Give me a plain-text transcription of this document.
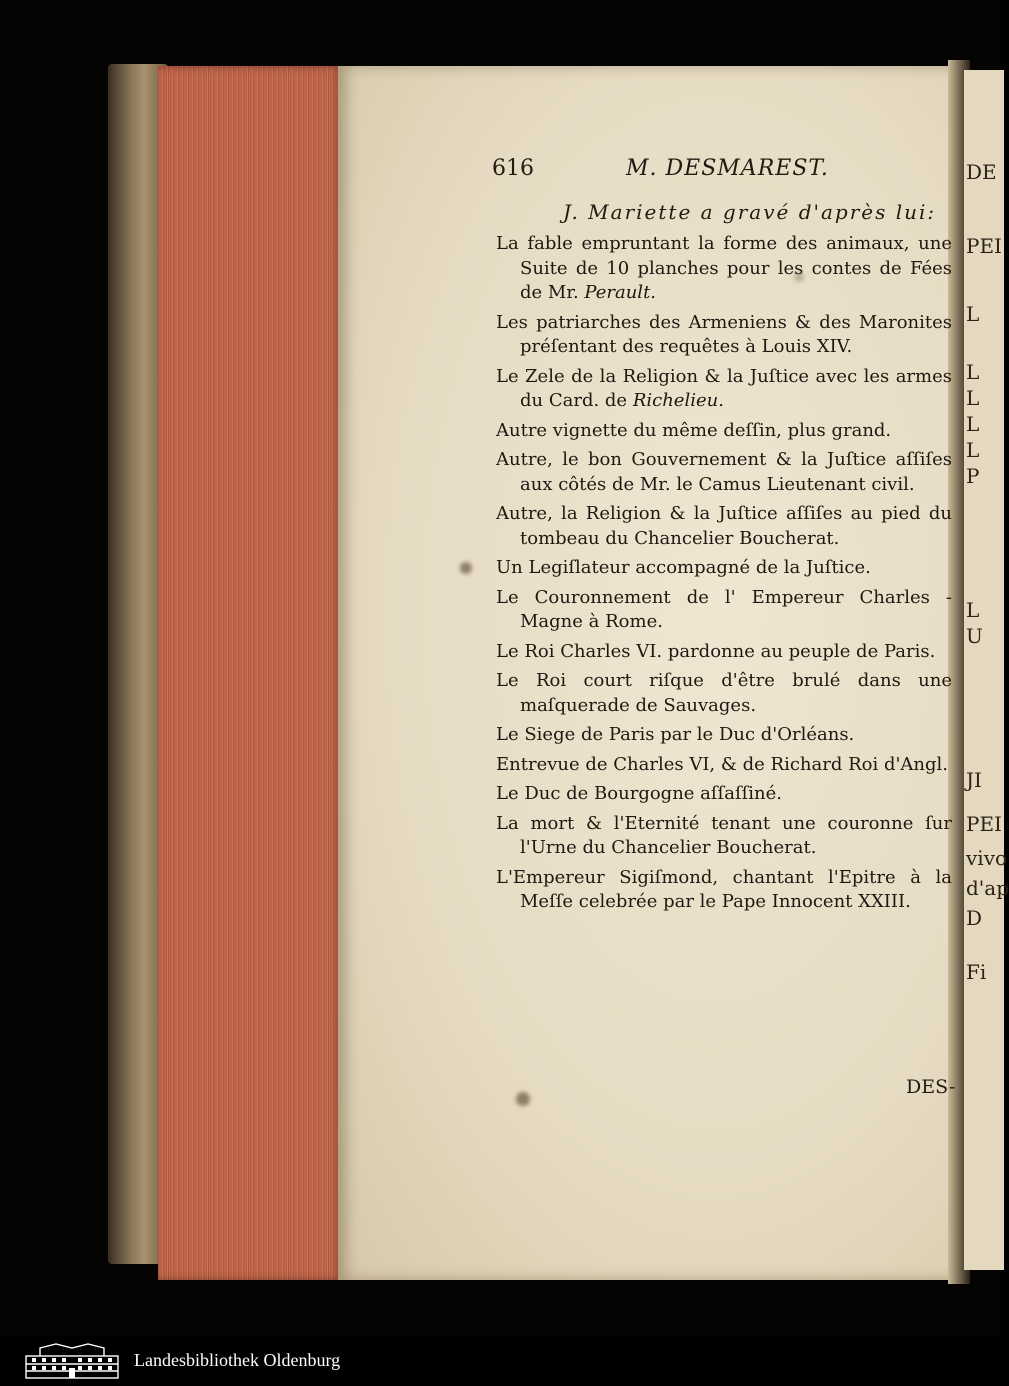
DE
PEI
L
L
L
L
L
P
L
U
JI
PEI
vivo
d'ap
D
Fi
616	M. DESMAREST.
J. Mariette a gravé d'après lui:
La fable empruntant la forme des animaux, une Suite de 10 planches pour les contes de Fées de Mr. Perault.
Les patriarches des Armeniens & des Maronites préſentant des requêtes à Louis XIV.
Le Zele de la Religion & la Juſtice avec les armes du Card. de Richelieu.
Autre vignette du même deſſin, plus grand.
Autre, le bon Gouvernement & la Juſtice aſſiſes aux côtés de Mr. le Camus Lieutenant civil.
Autre, la Religion & la Juſtice aſſiſes au pied du tombeau du Chancelier Boucherat.
Un Legiſlateur accompagné de la Juſtice.
Le Couronnement de l' Empereur Charles - Magne à Rome.
Le Roi Charles VI. pardonne au peuple de Paris.
Le Roi court riſque d'être brulé dans une maſquerade de Sauvages.
Le Siege de Paris par le Duc d'Orléans.
Entrevue de Charles VI, & de Richard Roi d'Angl.
Le Duc de Bourgogne aſſaſſiné.
La mort & l'Eternité tenant une couronne ſur l'Urne du Chancelier Boucherat.
L'Empereur Sigiſmond, chantant l'Epitre à la Meſſe celebrée par le Pape Innocent XXIII.
DES-
Landesbibliothek Oldenburg
